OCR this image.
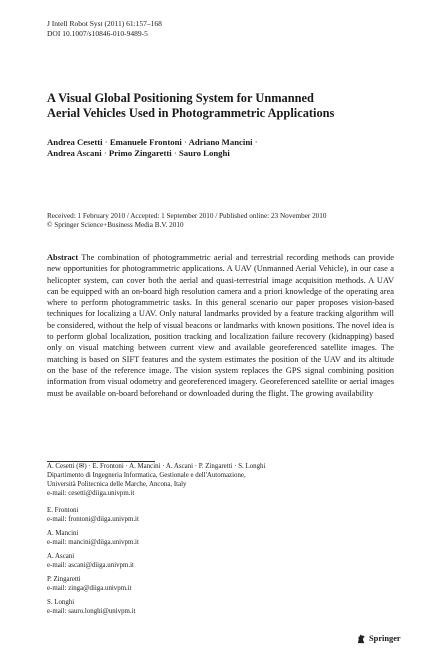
J Intell Robot Syst (2011) 61:157–168
DOI 10.1007/s10846-010-9489-5
A Visual Global Positioning System for Unmanned
Aerial Vehicles Used in Photogrammetric Applications
Andrea Cesetti · Emanuele Frontoni · Adriano Mancini ·
Andrea Ascani · Primo Zingaretti · Sauro Longhi
Received: 1 February 2010 / Accepted: 1 September 2010 / Published online: 23 November 2010
© Springer Science+Business Media B.V. 2010
Abstract The combination of photogrammetric aerial and terrestrial recording methods can provide new opportunities for photogrammetric applications. A UAV (Unmanned Aerial Vehicle), in our case a helicopter system, can cover both the aerial and quasi-terrestrial image acquisition methods. A UAV can be equipped with an on-board high resolution camera and a priori knowledge of the operating area where to perform photogrammetric tasks. In this general scenario our paper proposes vision-based techniques for localizing a UAV. Only natural landmarks provided by a feature tracking algorithm will be considered, without the help of visual beacons or landmarks with known positions. The novel idea is to perform global localization, position tracking and localization failure recovery (kidnapping) based only on visual matching between current view and available georeferenced satellite images. The matching is based on SIFT features and the system estimates the position of the UAV and its altitude on the base of the reference image. The vision system replaces the GPS signal combining position information from visual odometry and georeferenced imagery. Georeferenced satellite or aerial images must be available on-board beforehand or downloaded during the flight. The growing availability
A. Cesetti (✉) · E. Frontoni · A. Mancini · A. Ascani · P. Zingaretti · S. Longhi
Dipartimento di Ingegneria Informatica, Gestionale e dell'Automazione,
Università Politecnica delle Marche, Ancona, Italy
e-mail: cesetti@diiga.univpm.it
E. Frontoni
e-mail: frontoni@diiga.univpm.it
A. Mancini
e-mail: mancini@diiga.univpm.it
A. Ascani
e-mail: ascani@diiga.univpm.it
P. Zingaretti
e-mail: zinga@diiga.univpm.it
S. Longhi
e-mail: sauro.longhi@univpm.it
Springer
